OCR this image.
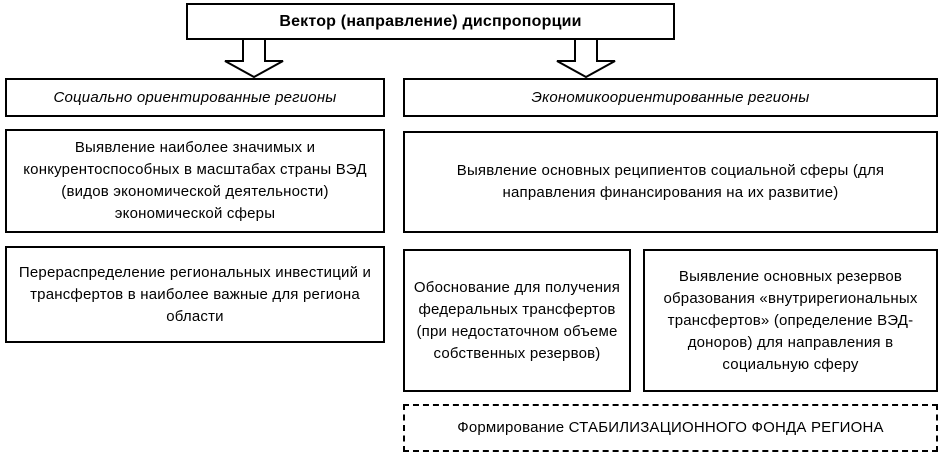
Вектор (направление) диспропорции
Социально ориентированные регионы	Экономикоориентированные регионы
Выявление наиболее значимых и конкурентоспособных в масштабах страны ВЭД (видов экономической деятельности) экономической сферы
Выявление основных реципиентов социальной сферы (для направления финансирования на их развитие)
Перераспределение региональных инвестиций и трансфертов в наиболее важные для региона области
Обоснование для получения федеральных трансфертов (при недостаточном объеме собственных резервов)
Выявление основных резервов образования «внутрирегиональных трансфертов» (определение ВЭД-доноров) для направления в социальную сферу
Формирование СТАБИЛИЗАЦИОННОГО ФОНДА РЕГИОНА
